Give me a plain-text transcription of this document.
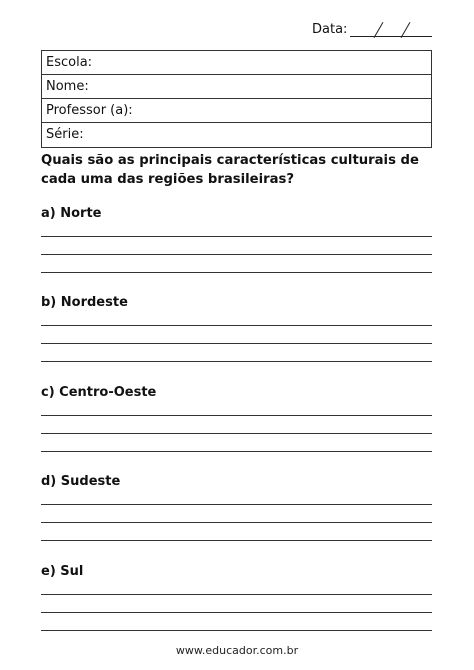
Data:
Escola:
Nome:
Professor (a):
Série:
Quais são as principais características culturais de cada uma das regiões brasileiras?
a) Norte
b) Nordeste
c) Centro-Oeste
d) Sudeste
e) Sul
www.educador.com.br
